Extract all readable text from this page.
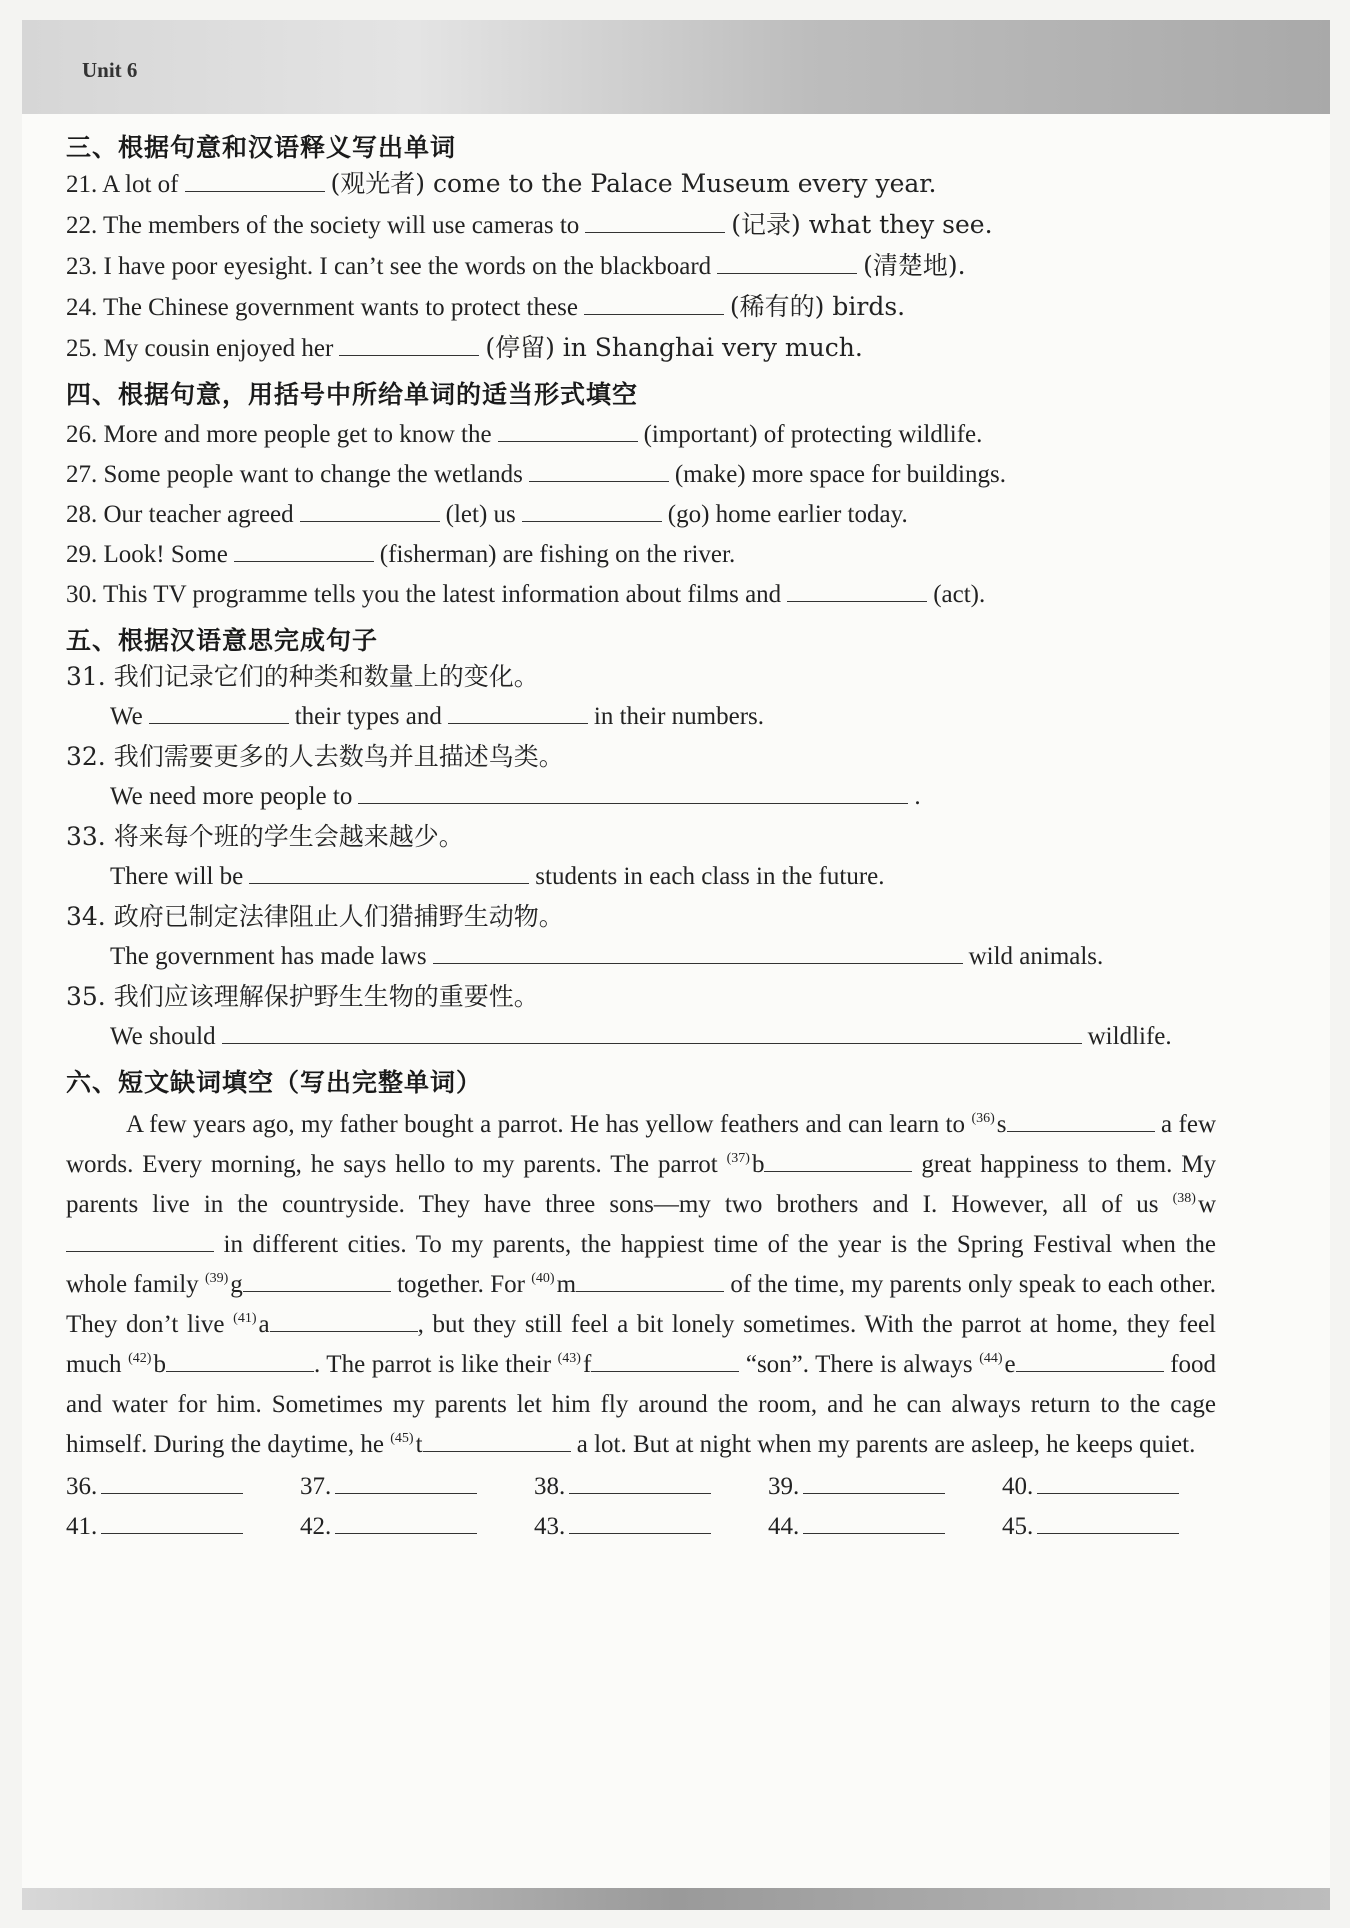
Unit 6
三、根据句意和汉语释义写出单词
21. A lot of	(观光者) come to the Palace Museum every year.
22. The members of the society will use cameras to	(记录) what they see.
23. I have poor eyesight. I can’t see the words on the blackboard	(清楚地).
24. The Chinese government wants to protect these	(稀有的) birds.
25. My cousin enjoyed her	(停留) in Shanghai very much.
四、根据句意，用括号中所给单词的适当形式填空
26. More and more people get to know the	(important) of protecting wildlife.
27. Some people want to change the wetlands	(make) more space for buildings.
28. Our teacher agreed	(let) us	(go) home earlier today.
29. Look! Some	(fisherman) are fishing on the river.
30. This TV programme tells you the latest information about films and	(act).
五、根据汉语意思完成句子
31. 我们记录它们的种类和数量上的变化。
We	their types and	in their numbers.
32. 我们需要更多的人去数鸟并且描述鸟类。
We need more people to	.
33. 将来每个班的学生会越来越少。
There will be	students in each class in the future.
34. 政府已制定法律阻止人们猎捕野生动物。
The government has made laws	wild animals.
35. 我们应该理解保护野生生物的重要性。
We should	wildlife.
六、短文缺词填空（写出完整单词）

A few years ago, my father bought a parrot. He has yellow feathers and can learn to $^{(36)}$s	a few words. Every morning, he says hello to my parents. The parrot $^{(37)}$b	great happiness to them. My parents live in the countryside. They have three sons—my two brothers and I. However, all of us $^{(38)}$w in different cities. To my parents, the happiest time of the year is the Spring Festival when the whole family $^{(39)}$g	together. For $^{(40)}$m	of the time, my parents only speak to each other. They don’t live $^{(41)}$a	, but they still feel a bit lonely sometimes. With the parrot at home, they feel much $^{(42)}$b	. The parrot is like their $^{(43)}$f	“son”. There is always $^{(44)}$e	food and water for him. Sometimes my parents let him fly around the room, and he can always return to the cage himself. During the daytime, he $^{(45)}$t	a lot. But at night when my parents are asleep, he keeps quiet.

36.	37.	38.	39.	40.
41.	42.	43.	44.	45.
